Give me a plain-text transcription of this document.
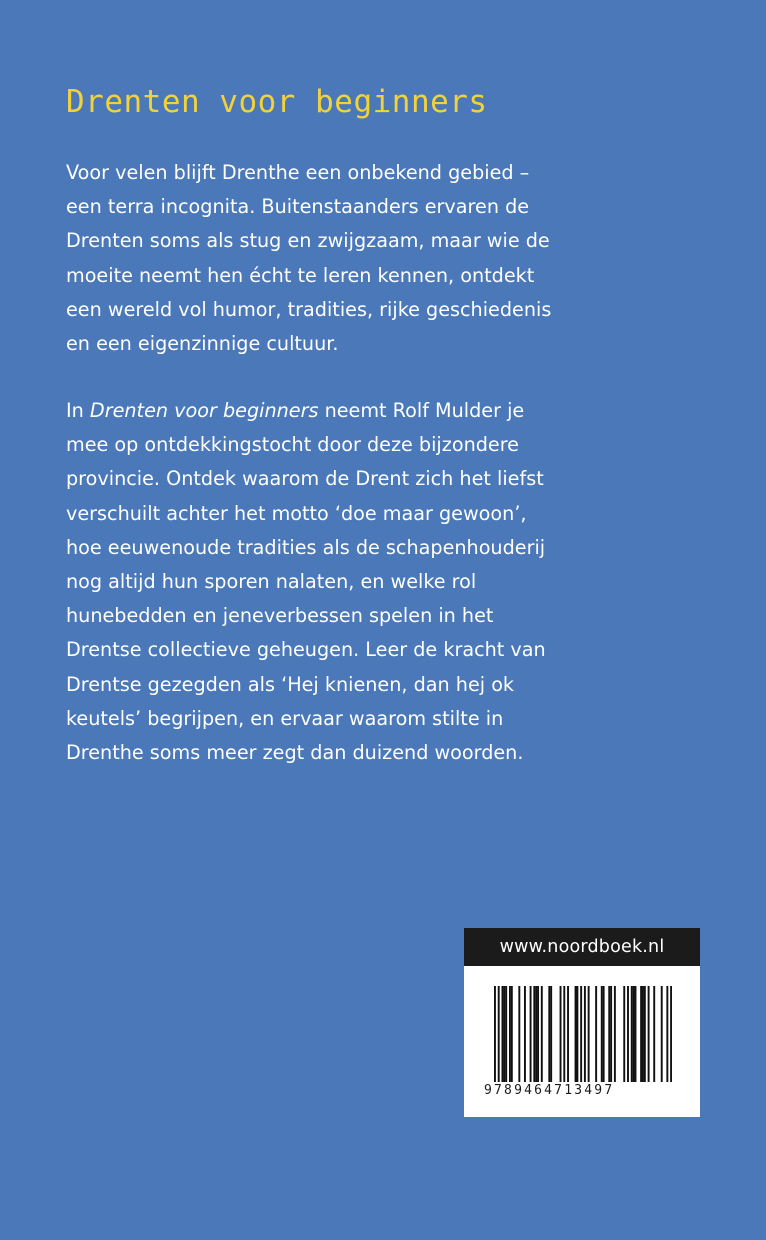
Drenten voor beginners
Voor velen blijft Drenthe een onbekend gebied –
een terra incognita. Buitenstaanders ervaren de
Drenten soms als stug en zwijgzaam, maar wie de
moeite neemt hen écht te leren kennen, ontdekt
een wereld vol humor, tradities, rijke geschiedenis
en een eigenzinnige cultuur.
In Drenten voor beginners neemt Rolf Mulder je
mee op ontdekkingstocht door deze bijzondere
provincie. Ontdek waarom de Drent zich het liefst
verschuilt achter het motto ‘doe maar gewoon’,
hoe eeuwenoude tradities als de schapenhouderij
nog altijd hun sporen nalaten, en welke rol
hunebedden en jeneverbessen spelen in het
Drentse collectieve geheugen. Leer de kracht van
Drentse gezegden als ‘Hej knienen, dan hej ok
keutels’ begrijpen, en ervaar waarom stilte in
Drenthe soms meer zegt dan duizend woorden.
www.noordboek.nl
9789464713497
